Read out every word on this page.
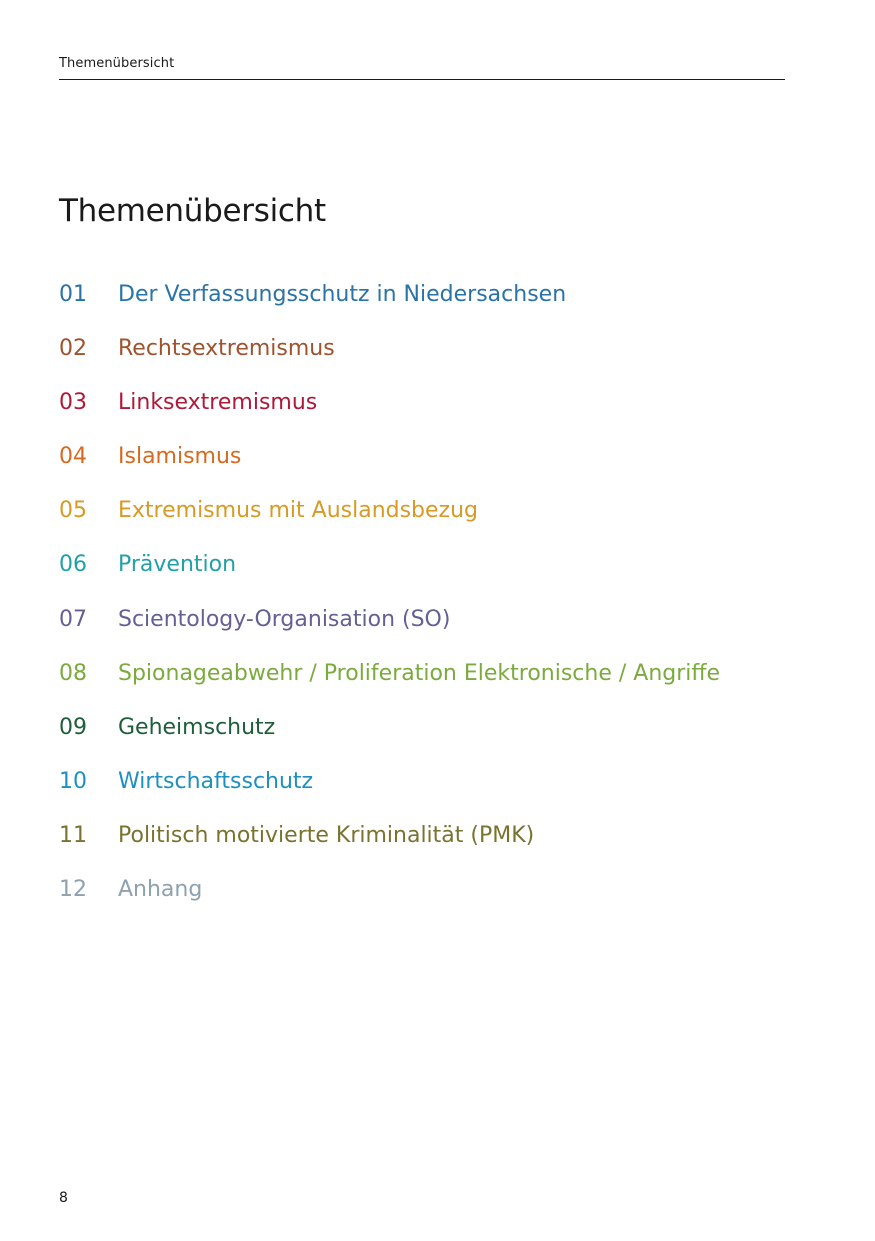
Themenübersicht
Themenübersicht
01	Der Verfassungsschutz in Niedersachsen
02	Rechtsextremismus
03	Linksextremismus
04	Islamismus
05	Extremismus mit Auslandsbezug
06	Prävention
07	Scientology-Organisation (SO)
08	Spionageabwehr / Proliferation Elektronische / Angriffe
09	Geheimschutz
10	Wirtschaftsschutz
11	Politisch motivierte Kriminalität (PMK)
12	Anhang
8
